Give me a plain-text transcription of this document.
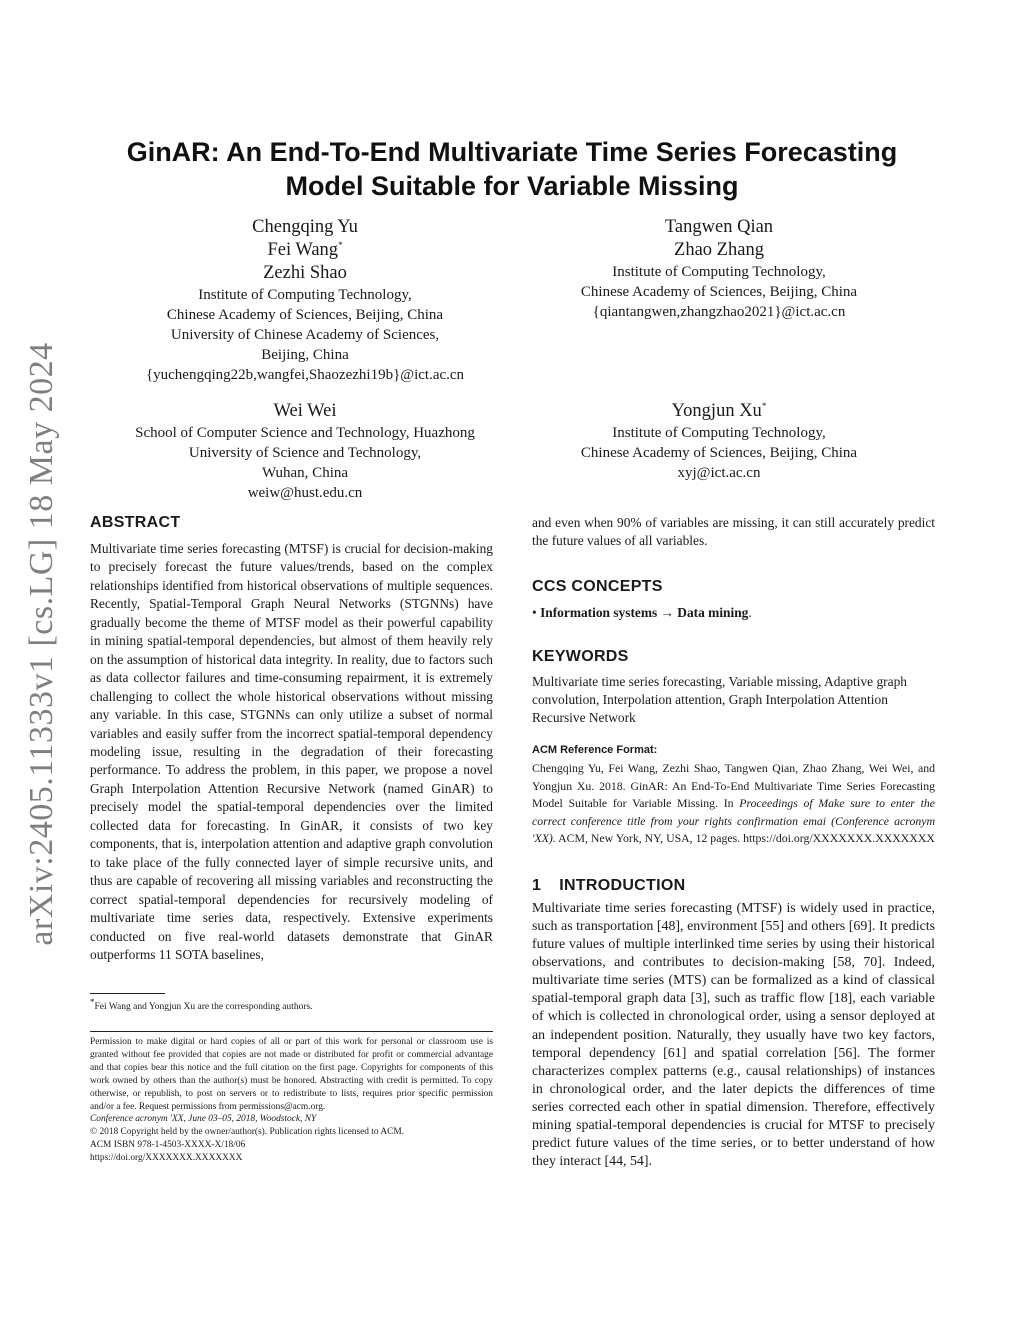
arXiv:2405.11333v1 [cs.LG] 18 May 2024
GinAR: An End-To-End Multivariate Time Series Forecasting
Model Suitable for Variable Missing
Chengqing Yu
Fei Wang*
Zezhi Shao
Institute of Computing Technology,
Chinese Academy of Sciences, Beijing, China
University of Chinese Academy of Sciences,
Beijing, China
{yuchengqing22b,wangfei,Shaozezhi19b}@ict.ac.cn
Tangwen Qian
Zhao Zhang
Institute of Computing Technology,
Chinese Academy of Sciences, Beijing, China
{qiantangwen,zhangzhao2021}@ict.ac.cn
Wei Wei
School of Computer Science and Technology, Huazhong
University of Science and Technology,
Wuhan, China
weiw@hust.edu.cn
Yongjun Xu*
Institute of Computing Technology,
Chinese Academy of Sciences, Beijing, China
xyj@ict.ac.cn
ABSTRACT
Multivariate time series forecasting (MTSF) is crucial for decision-making to precisely forecast the future values/trends, based on the complex relationships identified from historical observations of multiple sequences. Recently, Spatial-Temporal Graph Neural Networks (STGNNs) have gradually become the theme of MTSF model as their powerful capability in mining spatial-temporal dependencies, but almost of them heavily rely on the assumption of historical data integrity. In reality, due to factors such as data collector failures and time-consuming repairment, it is extremely challenging to collect the whole historical observations without missing any variable. In this case, STGNNs can only utilize a subset of normal variables and easily suffer from the incorrect spatial-temporal dependency modeling issue, resulting in the degradation of their forecasting performance. To address the problem, in this paper, we propose a novel Graph Interpolation Attention Recursive Network (named GinAR) to precisely model the spatial-temporal dependencies over the limited collected data for forecasting. In GinAR, it consists of two key components, that is, interpolation attention and adaptive graph convolution to take place of the fully connected layer of simple recursive units, and thus are capable of recovering all missing variables and reconstructing the correct spatial-temporal dependencies for recursively modeling of multivariate time series data, respectively. Extensive experiments conducted on five real-world datasets demonstrate that GinAR outperforms 11 SOTA baselines,
*Fei Wang and Yongjun Xu are the corresponding authors.
Permission to make digital or hard copies of all or part of this work for personal or classroom use is granted without fee provided that copies are not made or distributed for profit or commercial advantage and that copies bear this notice and the full citation on the first page. Copyrights for components of this work owned by others than the author(s) must be honored. Abstracting with credit is permitted. To copy otherwise, or republish, to post on servers or to redistribute to lists, requires prior specific permission and/or a fee. Request permissions from permissions@acm.org.
Conference acronym 'XX, June 03–05, 2018, Woodstock, NY
© 2018 Copyright held by the owner/author(s). Publication rights licensed to ACM.
ACM ISBN 978-1-4503-XXXX-X/18/06
https://doi.org/XXXXXXX.XXXXXXX
and even when 90% of variables are missing, it can still accurately predict the future values of all variables.
CCS CONCEPTS
• Information systems → Data mining.
KEYWORDS
Multivariate time series forecasting, Variable missing, Adaptive graph convolution, Interpolation attention, Graph Interpolation Attention Recursive Network
ACM Reference Format:
Chengqing Yu, Fei Wang, Zezhi Shao, Tangwen Qian, Zhao Zhang, Wei Wei, and Yongjun Xu. 2018. GinAR: An End-To-End Multivariate Time Series Forecasting Model Suitable for Variable Missing. In Proceedings of Make sure to enter the correct conference title from your rights confirmation emai (Conference acronym 'XX). ACM, New York, NY, USA, 12 pages. https://doi.org/XXXXXXX.XXXXXXX
1 INTRODUCTION
Multivariate time series forecasting (MTSF) is widely used in practice, such as transportation [48], environment [55] and others [69]. It predicts future values of multiple interlinked time series by using their historical observations, and contributes to decision-making [58, 70]. Indeed, multivariate time series (MTS) can be formalized as a kind of classical spatial-temporal graph data [3], such as traffic flow [18], each variable of which is collected in chronological order, using a sensor deployed at an independent position. Naturally, they usually have two key factors, temporal dependency [61] and spatial correlation [56]. The former characterizes complex patterns (e.g., causal relationships) of instances in chronological order, and the later depicts the differences of time series corrected each other in spatial dimension. Therefore, effectively mining spatial-temporal dependencies is crucial for MTSF to precisely predict future values of the time series, or to better understand of how they interact [44, 54].
